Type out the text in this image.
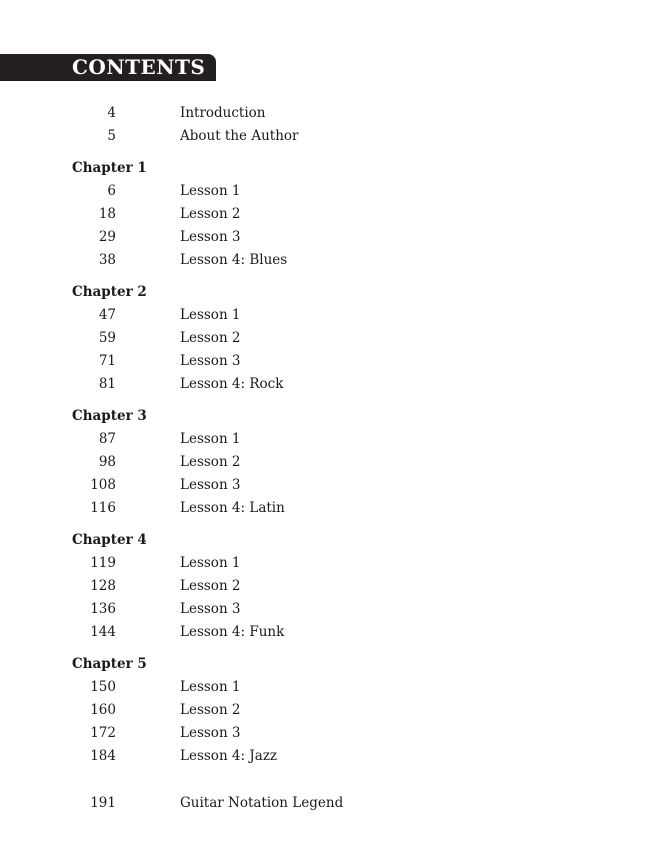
CONTENTS
4	Introduction
5	About the Author
Chapter 1
6	Lesson 1
18	Lesson 2
29	Lesson 3
38	Lesson 4: Blues
Chapter 2
47	Lesson 1
59	Lesson 2
71	Lesson 3
81	Lesson 4: Rock
Chapter 3
87	Lesson 1
98	Lesson 2
108	Lesson 3
116	Lesson 4: Latin
Chapter 4
119	Lesson 1
128	Lesson 2
136	Lesson 3
144	Lesson 4: Funk
Chapter 5
150	Lesson 1
160	Lesson 2
172	Lesson 3
184	Lesson 4: Jazz
191	Guitar Notation Legend
